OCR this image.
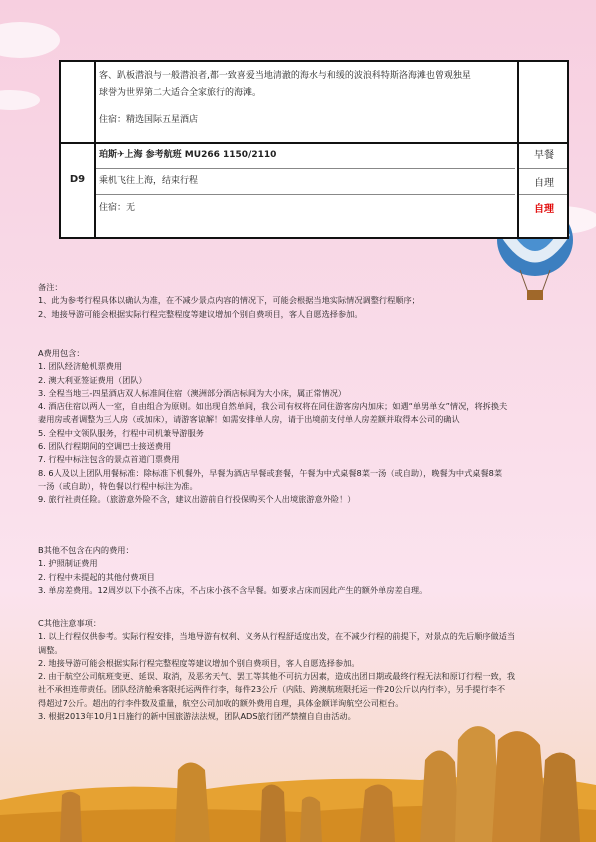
客、趴板潜浪与一般潜浪者,都一致喜爱当地清澈的海水与和缓的波浪科特斯洛海滩也曾观独星
球誉为世界第二大适合全家旅行的海滩。
住宿：精选国际五星酒店
D9
珀斯✈上海 参考航班 MU266 1150/2110
乘机飞往上海，结束行程
住宿：无
早餐
自理
自理

备注：

1、此为参考行程具体以确认为准，在不减少景点内容的情况下，可能会根据当地实际情况调整行程顺序；

2、地接导游可能会根据实际行程完整程度等建议增加个别自费项目，客人自愿选择参加。

A费用包含：

1. 团队经济舱机票费用

2. 澳大利亚签证费用（团队）

3. 全程当地三-四星酒店双人标准间住宿（澳洲部分酒店标间为大小床，属正常情况）

4. 酒店住宿以两人一室，自由组合为原则。如出现自然单间，我公司有权将在同住游客房内加床；如遇“单男单女”情况，将拆换夫

妻用房或者调整为三人房（或加床），请游客谅解！如需安排单人房，请于出境前支付单人房差额并取得本公司的确认

5. 全程中文领队服务，行程中司机兼导游服务

6. 团队行程期间的空调巴士接送费用

7. 行程中标注包含的景点首道门票费用

8. 6人及以上团队用餐标准：除标准下机餐外，早餐为酒店早餐或套餐，午餐为中式桌餐8菜一汤（或自助），晚餐为中式桌餐8菜

一汤（或自助），特色餐以行程中标注为准。

9. 旅行社责任险。（旅游意外险不含，建议出游前自行投保购买个人出境旅游意外险！）

B其他不包含在内的费用：

1. 护照制证费用

2. 行程中未提起的其他付费项目

3. 单房差费用。12周岁以下小孩不占床，不占床小孩不含早餐。如要求占床而因此产生的额外单房差自理。

C其他注意事项：

1. 以上行程仅供参考。实际行程安排，当地导游有权利、义务从行程舒适度出发，在不减少行程的前提下，对景点的先后顺序做适当

调整。

2. 地接导游可能会根据实际行程完整程度等建议增加个别自费项目，客人自愿选择参加。

2. 由于航空公司航班变更、延误、取消，及恶劣天气、罢工等其他不可抗力因素，造成出团日期或最终行程无法和原订行程一致，我

社不承担连带责任。团队经济舱乘客限托运两件行李，每件23公斤（内陆、跨澳航班限托运一件20公斤以内行李），另手提行李不

得超过7公斤。超出的行李件数及重量，航空公司加收的额外费用自理，具体金额详询航空公司柜台。

3. 根据2013年10月1日施行的新中国旅游法法规，团队ADS旅行团严禁擅自自由活动。
